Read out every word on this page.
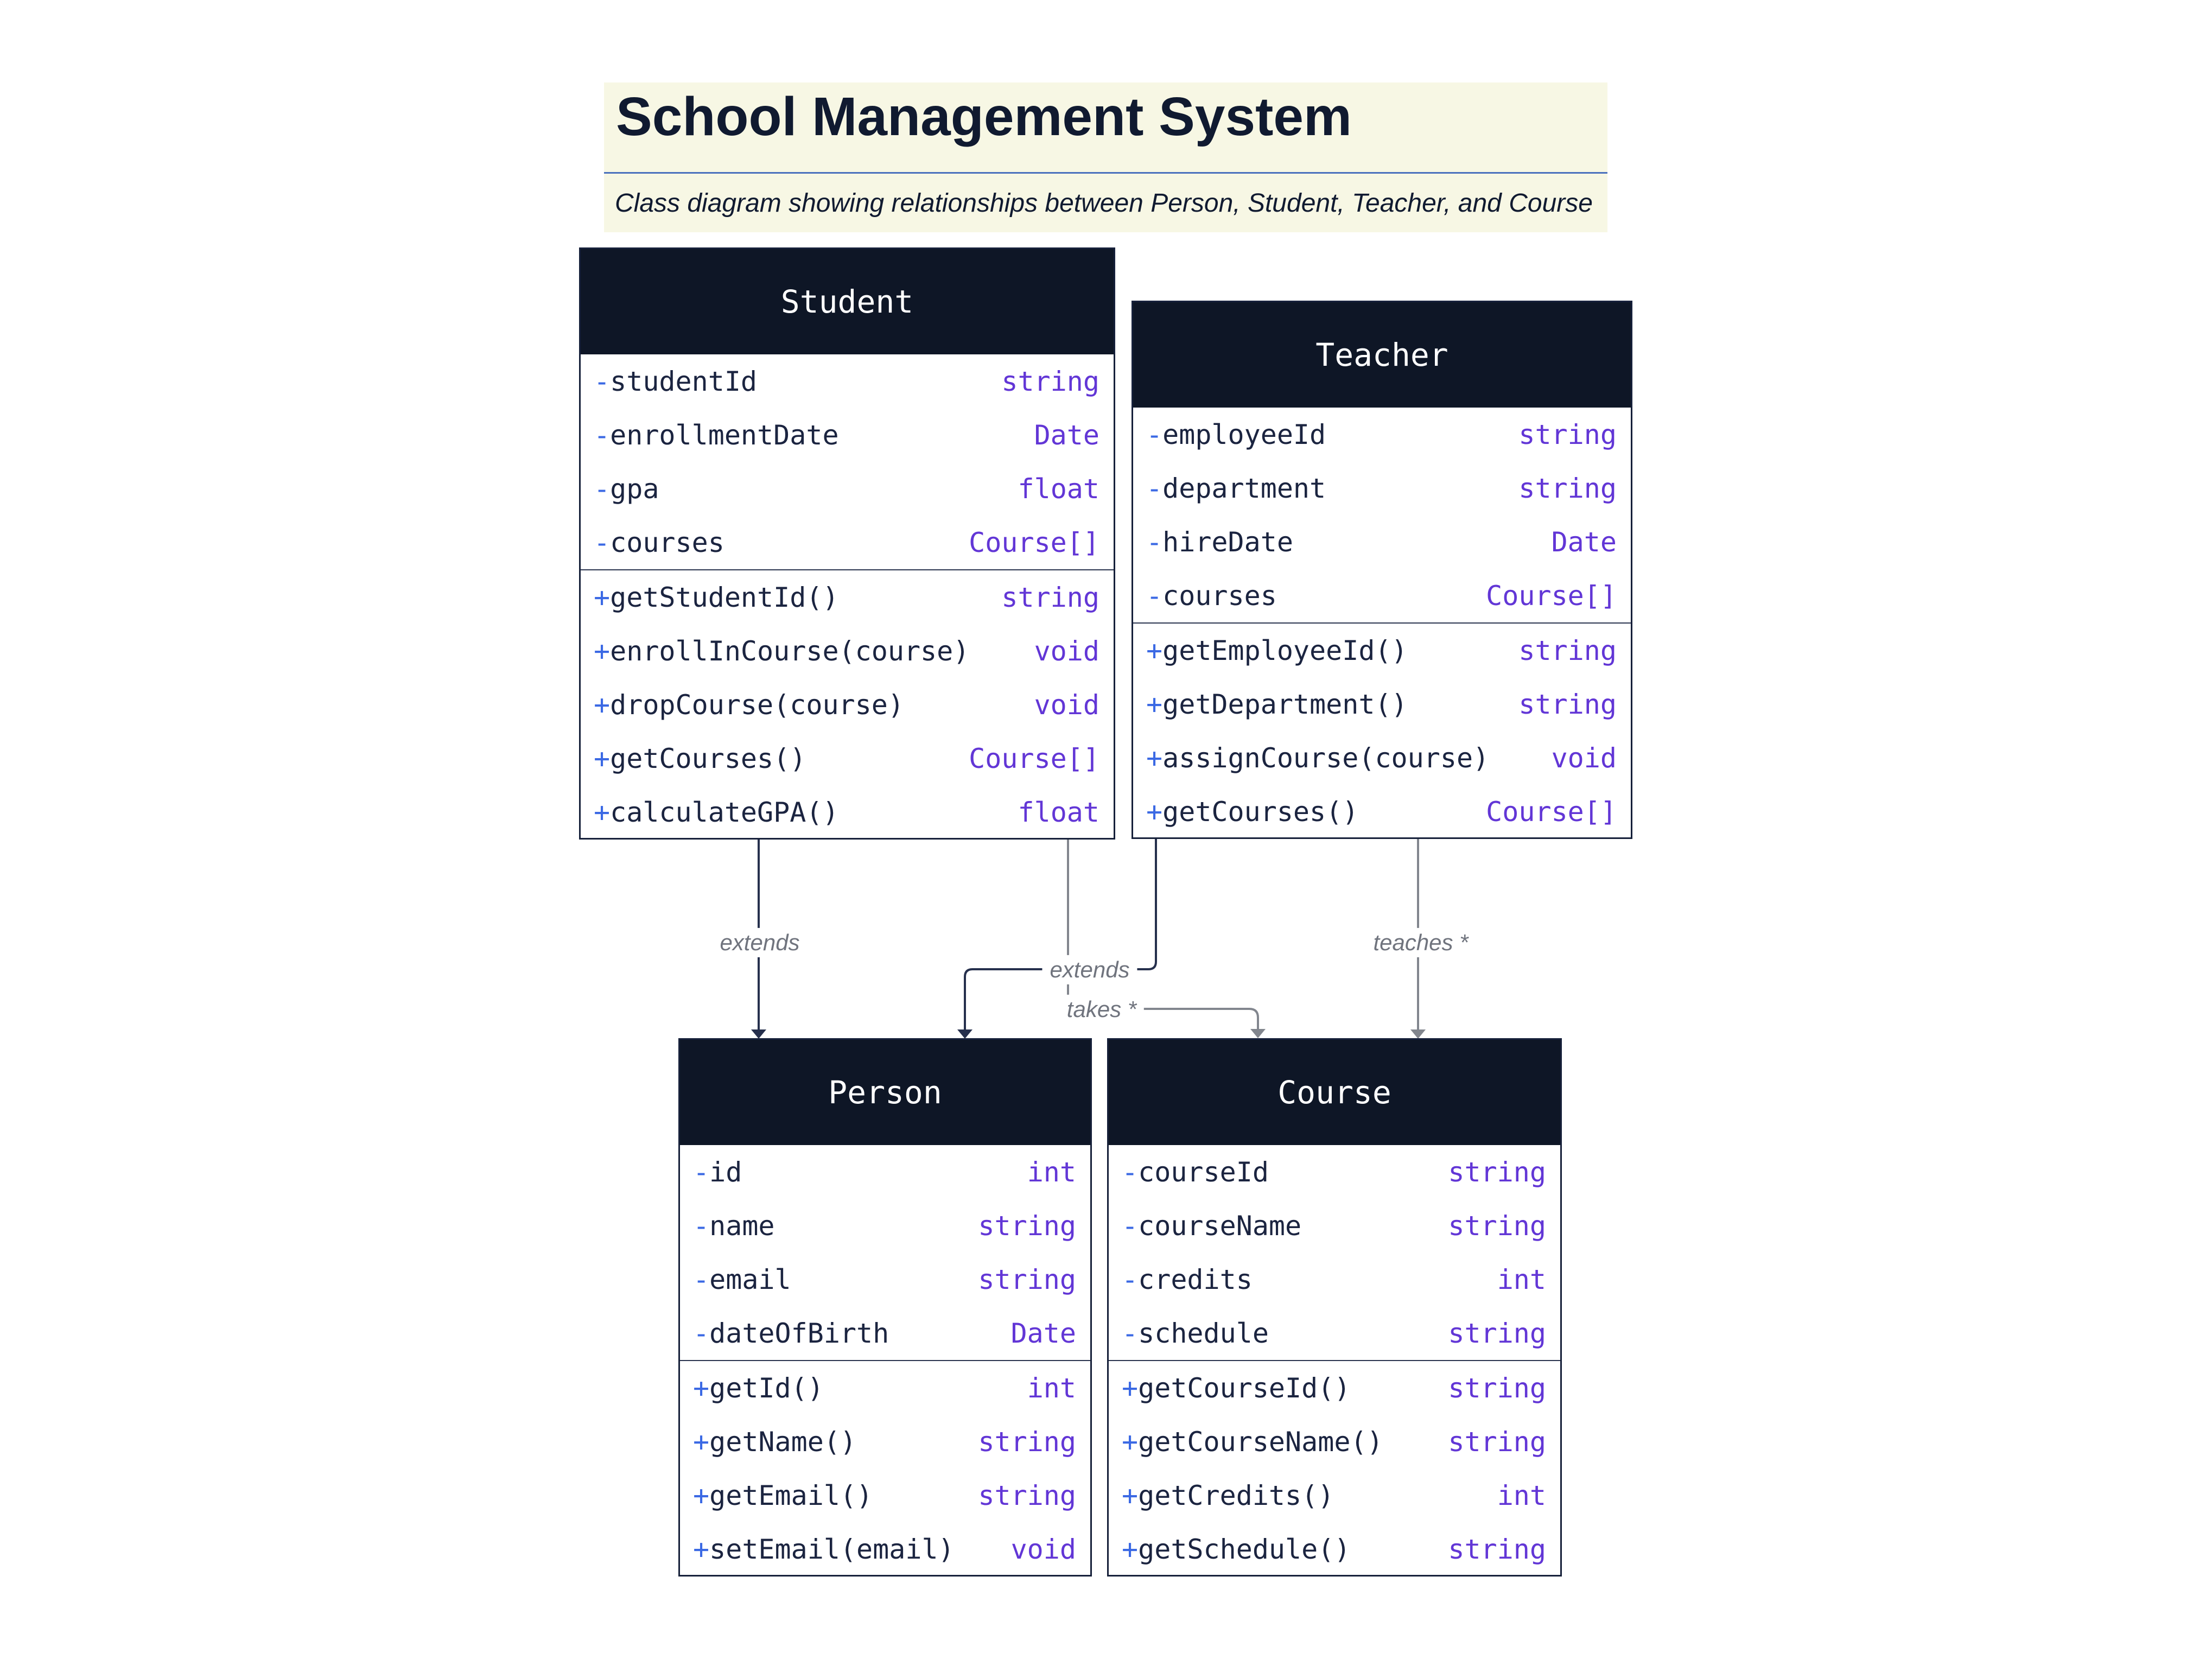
School Management System
Class diagram showing relationships between Person, Student, Teacher, and Course
Student
- studentId	string
- enrollmentDate	Date
- gpa	float
- courses	Course[]
+ getStudentId()	string
+ enrollInCourse(course) void
+ dropCourse(course)	void
+ getCourses()	Course[]
+ calculateGPA()	float
Teacher
- employeeId	string
- department	string
- hireDate	Date
- courses	Course[]
+ getEmployeeId()	string
+ getDepartment()	string
+ assignCourse(course) void
+ getCourses()	Course[]
Person
- id	int
- name	string
- email	string
- dateOfBirth	Date
+ getId()	int
+ getName()	string
+ getEmail()	string
+ setEmail(email) void
Course
- courseId	string
- courseName	string
- credits	int
- schedule	string
+ getCourseId()	string
+ getCourseName() string
+ getCredits()	int
+ getSchedule()	string
extends
extends
takes *
teaches *
